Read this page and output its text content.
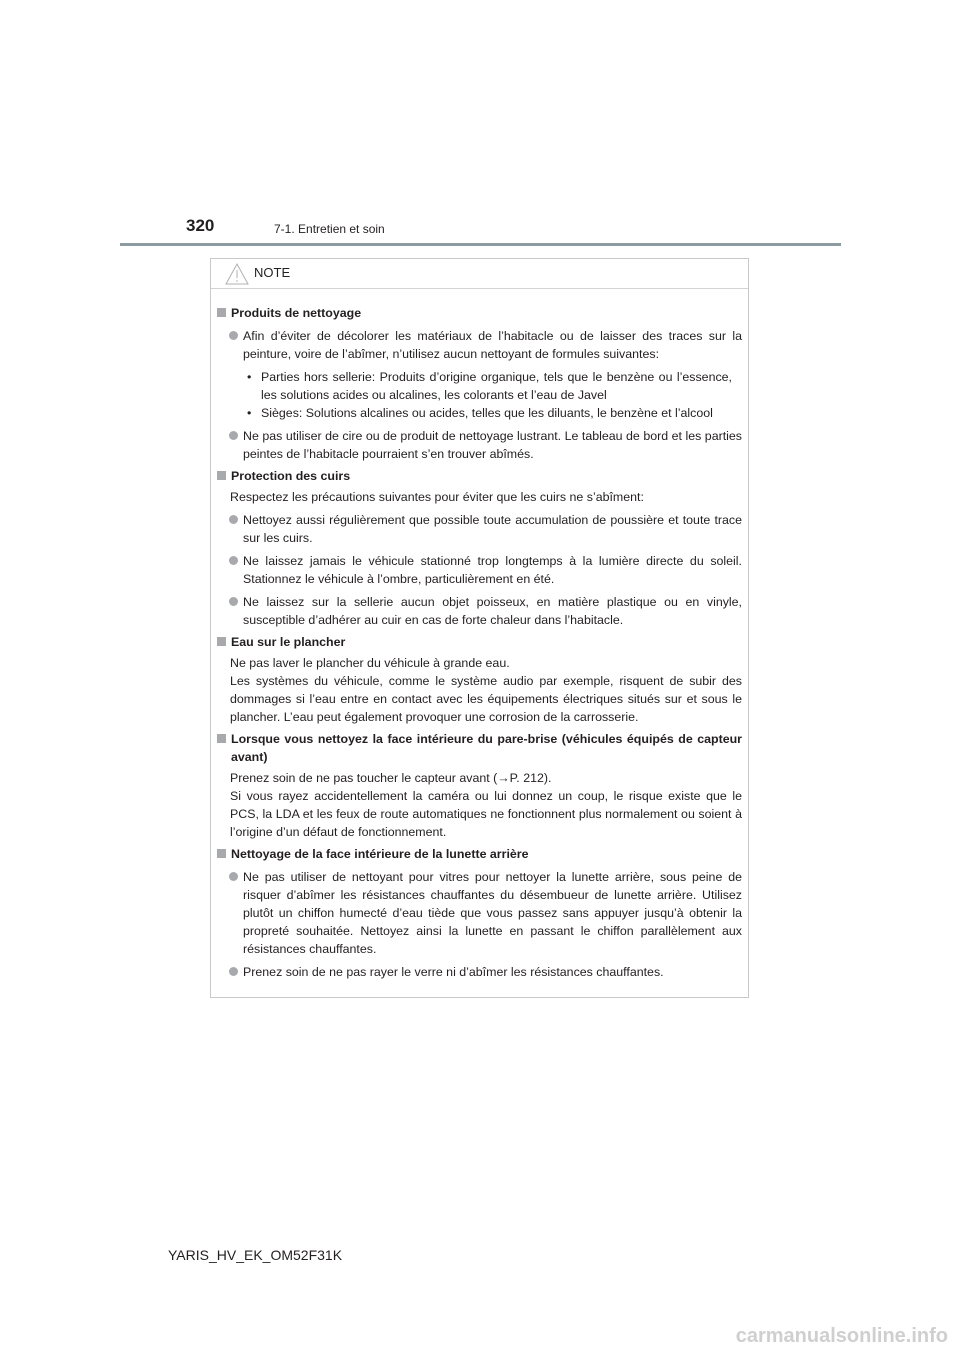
320	7-1. Entretien et soin
NOTE
Produits de nettoyage
Afin d’éviter de décolorer les matériaux de l’habitacle ou de laisser des traces sur la peinture, voire de l’abîmer, n’utilisez aucun nettoyant de formules suivantes:
• Parties hors sellerie: Produits d’origine organique, tels que le benzène ou l’essence, les solutions acides ou alcalines, les colorants et l’eau de Javel
• Sièges: Solutions alcalines ou acides, telles que les diluants, le benzène et l’alcool
Ne pas utiliser de cire ou de produit de nettoyage lustrant. Le tableau de bord et les parties peintes de l’habitacle pourraient s’en trouver abîmés.
Protection des cuirs
Respectez les précautions suivantes pour éviter que les cuirs ne s’abîment:
Nettoyez aussi régulièrement que possible toute accumulation de poussière et toute trace sur les cuirs.
Ne laissez jamais le véhicule stationné trop longtemps à la lumière directe du soleil. Stationnez le véhicule à l’ombre, particulièrement en été.
Ne laissez sur la sellerie aucun objet poisseux, en matière plastique ou en vinyle, susceptible d’adhérer au cuir en cas de forte chaleur dans l’habitacle.
Eau sur le plancher
Ne pas laver le plancher du véhicule à grande eau.
Les systèmes du véhicule, comme le système audio par exemple, risquent de subir des dommages si l’eau entre en contact avec les équipements électriques situés sur et sous le plancher. L’eau peut également provoquer une corrosion de la carrosserie.
Lorsque vous nettoyez la face intérieure du pare-brise (véhicules équipés de capteur avant)
Prenez soin de ne pas toucher le capteur avant (→P. 212).
Si vous rayez accidentellement la caméra ou lui donnez un coup, le risque existe que le PCS, la LDA et les feux de route automatiques ne fonctionnent plus normalement ou soient à l’origine d’un défaut de fonctionnement.
Nettoyage de la face intérieure de la lunette arrière
Ne pas utiliser de nettoyant pour vitres pour nettoyer la lunette arrière, sous peine de risquer d’abîmer les résistances chauffantes du désembueur de lunette arrière. Utilisez plutôt un chiffon humecté d’eau tiède que vous passez sans appuyer jusqu’à obtenir la propreté souhaitée. Nettoyez ainsi la lunette en passant le chiffon parallèlement aux résistances chauffantes.
Prenez soin de ne pas rayer le verre ni d’abîmer les résistances chauffantes.
YARIS_HV_EK_OM52F31K
carmanualsonline.info
